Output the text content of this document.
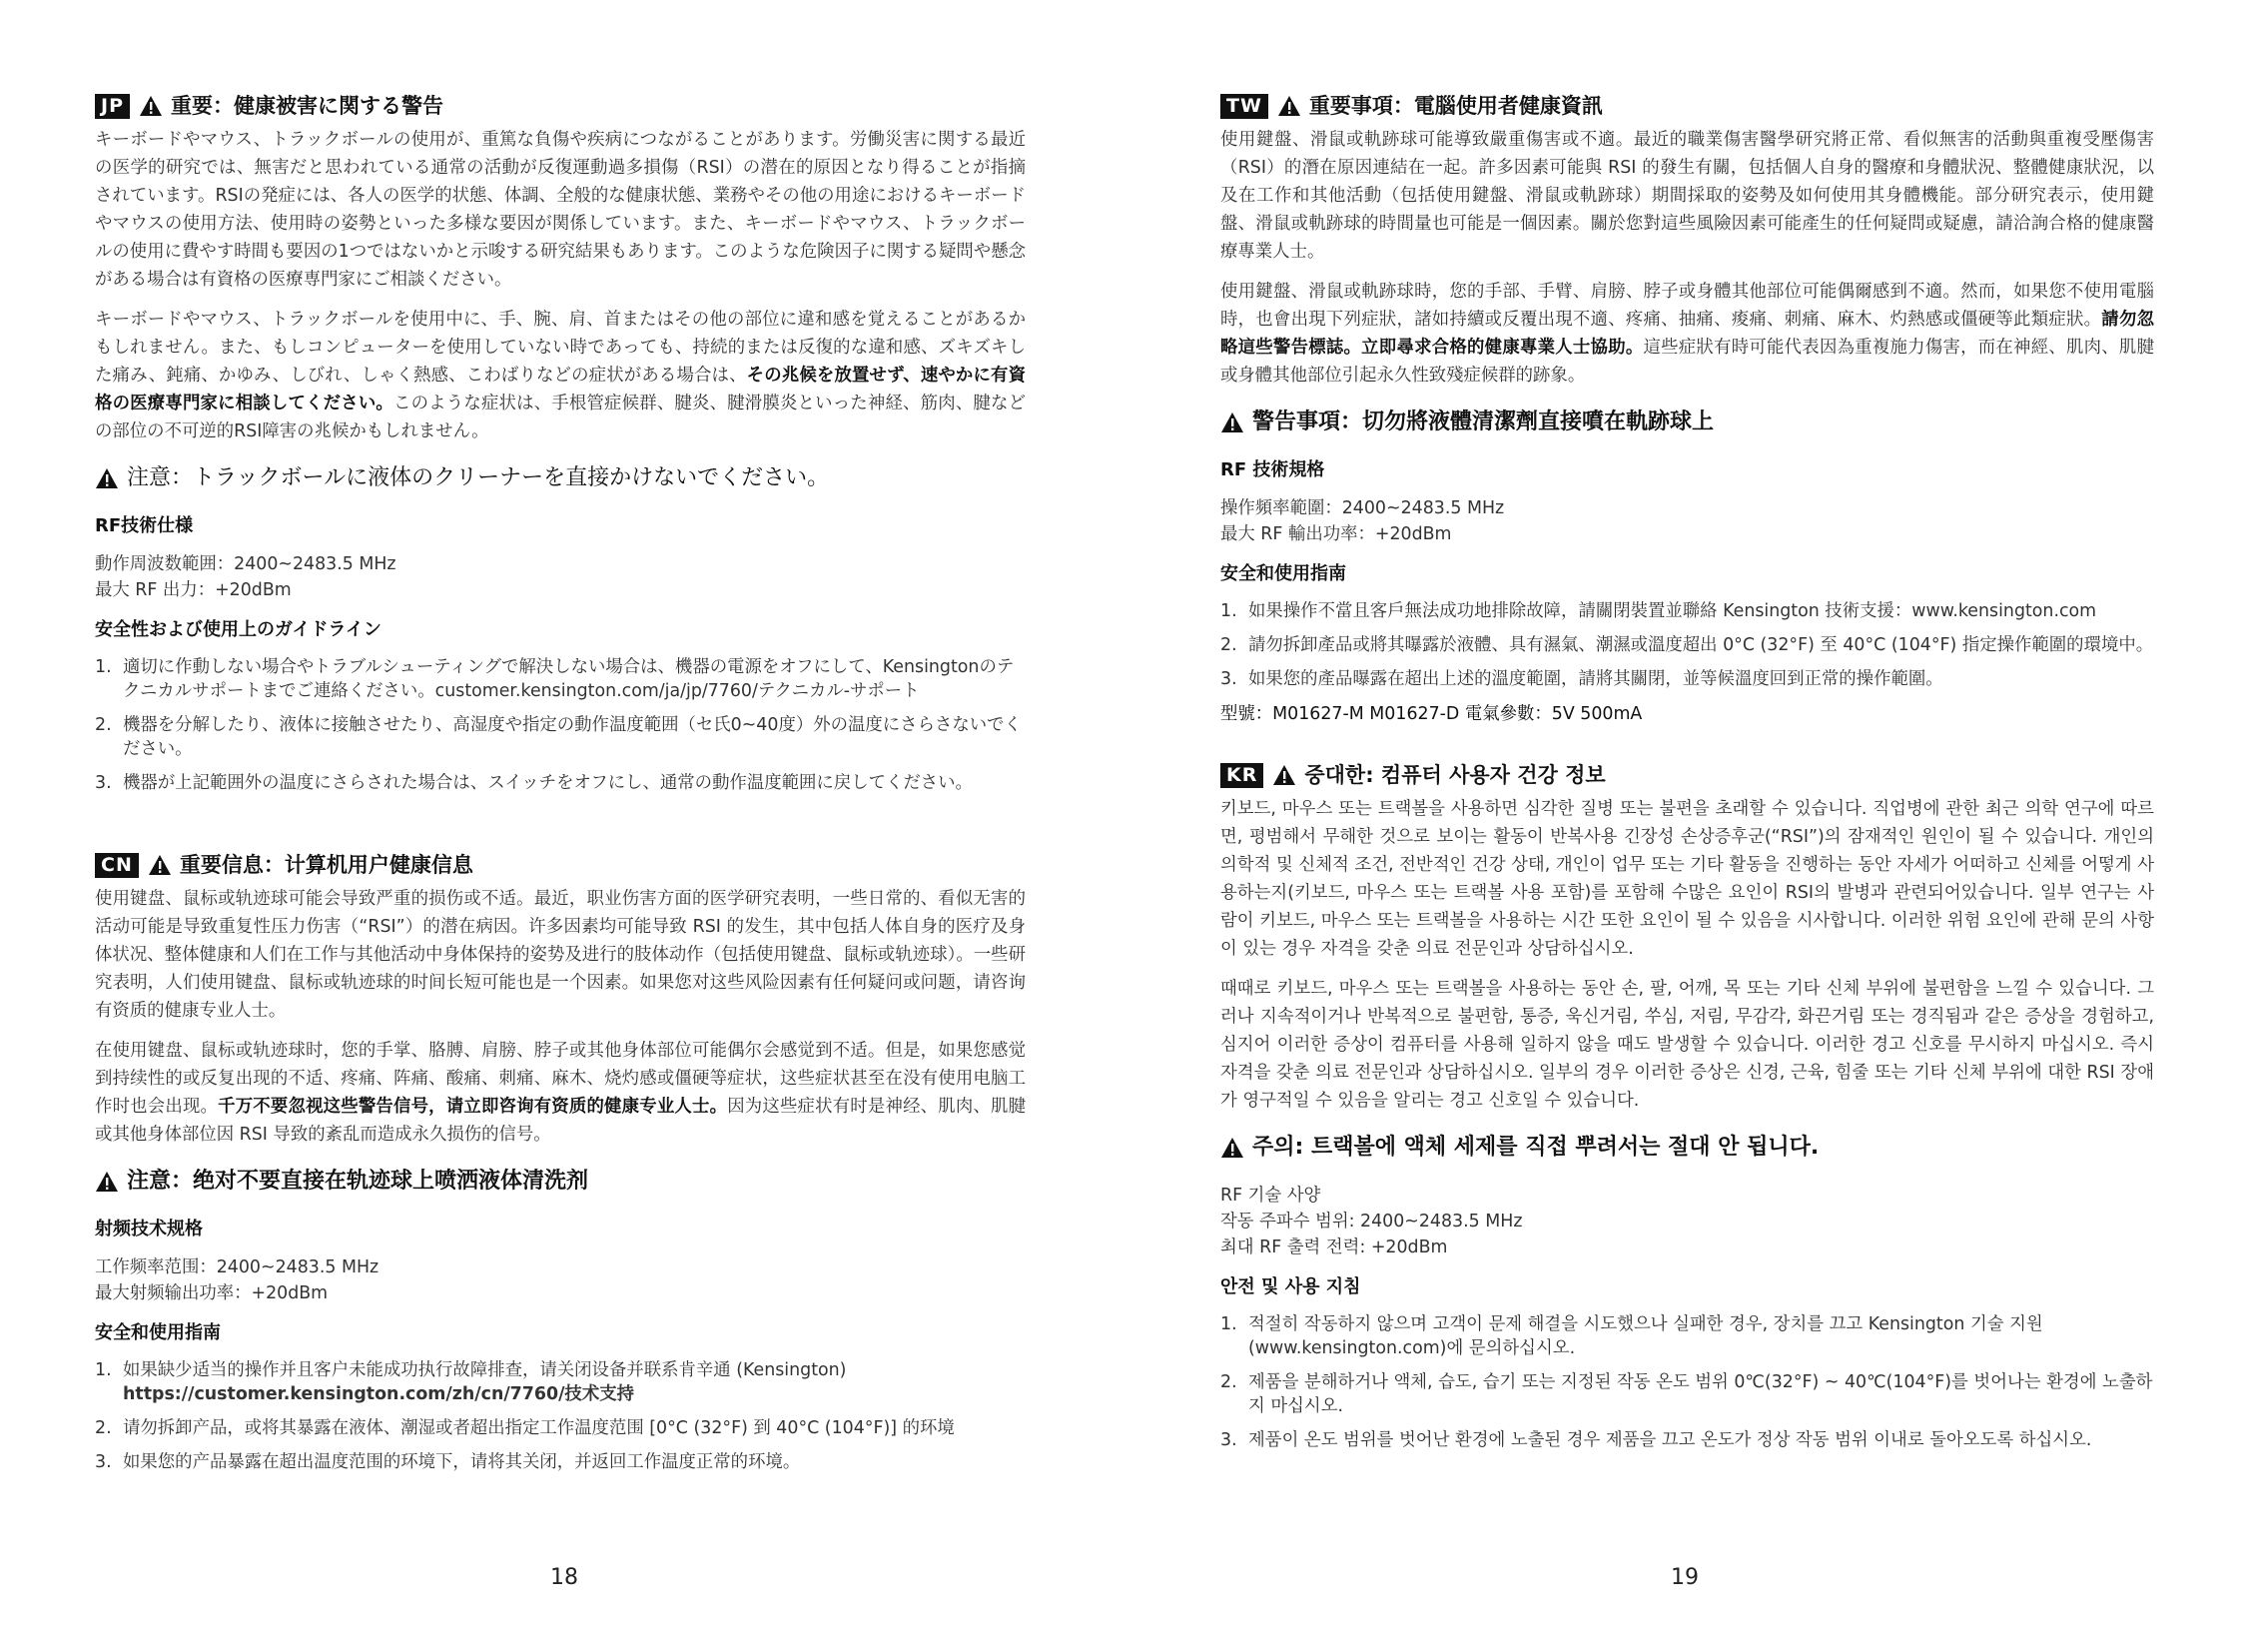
JP 重要：健康被害に関する警告

キーボードやマウス、トラックボールの使用が、重篤な負傷や疾病につながることがあります。労働災害に関する最近の医学的研究では、無害だと思われている通常の活動が反復運動過多損傷（RSI）の潜在的原因となり得ることが指摘されています。RSIの発症には、各人の医学的状態、体調、全般的な健康状態、業務やその他の用途におけるキーボードやマウスの使用方法、使用時の姿勢といった多様な要因が関係しています。また、キーボードやマウス、トラックボールの使用に費やす時間も要因の1つではないかと示唆する研究結果もあります。このような危険因子に関する疑問や懸念がある場合は有資格の医療専門家にご相談ください。

キーボードやマウス、トラックボールを使用中に、手、腕、肩、首またはその他の部位に違和感を覚えることがあるかもしれません。また、もしコンピューターを使用していない時であっても、持続的または反復的な違和感、ズキズキした痛み、鈍痛、かゆみ、しびれ、しゃく熱感、こわばりなどの症状がある場合は、その兆候を放置せず、速やかに有資格の医療専門家に相談してください。このような症状は、手根管症候群、腱炎、腱滑膜炎といった神経、筋肉、腱などの部位の不可逆的RSI障害の兆候かもしれません。

注意：トラックボールに液体のクリーナーを直接かけないでください。
RF技術仕様
動作周波数範囲：2400~2483.5 MHz
最大 RF 出力：+20dBm
安全性および使用上のガイドライン
1. 適切に作動しない場合やトラブルシューティングで解決しない場合は、機器の電源をオフにして、Kensingtonのテクニカルサポートまでご連絡ください。customer.kensington.com/ja/jp/7760/テクニカル-サポート
2. 機器を分解したり、液体に接触させたり、高湿度や指定の動作温度範囲（セ氏0~40度）外の温度にさらさないでください。
3. 機器が上記範囲外の温度にさらされた場合は、スイッチをオフにし、通常の動作温度範囲に戻してください。
CN 重要信息：计算机用户健康信息

使用键盘、鼠标或轨迹球可能会导致严重的损伤或不适。最近，职业伤害方面的医学研究表明，一些日常的、看似无害的活动可能是导致重复性压力伤害（“RSI”）的潜在病因。许多因素均可能导致 RSI 的发生，其中包括人体自身的医疗及身体状况、整体健康和人们在工作与其他活动中身体保持的姿势及进行的肢体动作（包括使用键盘、鼠标或轨迹球）。一些研究表明，人们使用键盘、鼠标或轨迹球的时间长短可能也是一个因素。如果您对这些风险因素有任何疑问或问题，请咨询有资质的健康专业人士。

在使用键盘、鼠标或轨迹球时，您的手掌、胳膊、肩膀、脖子或其他身体部位可能偶尔会感觉到不适。但是，如果您感觉到持续性的或反复出现的不适、疼痛、阵痛、酸痛、刺痛、麻木、烧灼感或僵硬等症状，这些症状甚至在没有使用电脑工作时也会出现。千万不要忽视这些警告信号，请立即咨询有资质的健康专业人士。因为这些症状有时是神经、肌肉、肌腱或其他身体部位因 RSI 导致的紊乱而造成永久损伤的信号。

注意：绝对不要直接在轨迹球上喷洒液体清洗剂
射频技术规格
工作频率范围：2400~2483.5 MHz
最大射频输出功率：+20dBm
安全和使用指南
1. 如果缺少适当的操作并且客户未能成功执行故障排查，请关闭设备并联系肯辛通 (Kensington)
https://customer.kensington.com/zh/cn/7760/技术支持
2. 请勿拆卸产品，或将其暴露在液体、潮湿或者超出指定工作温度范围 [0°C (32°F) 到 40°C (104°F)] 的环境
3. 如果您的产品暴露在超出温度范围的环境下，请将其关闭，并返回工作温度正常的环境。
18
TW 重要事項：電腦使用者健康資訊

使用鍵盤、滑鼠或軌跡球可能導致嚴重傷害或不適。最近的職業傷害醫學研究將正常、看似無害的活動與重複受壓傷害（RSI）的潛在原因連結在一起。許多因素可能與 RSI 的發生有關，包括個人自身的醫療和身體狀況、整體健康狀況，以及在工作和其他活動（包括使用鍵盤、滑鼠或軌跡球）期間採取的姿勢及如何使用其身體機能。部分研究表示，使用鍵盤、滑鼠或軌跡球的時間量也可能是一個因素。關於您對這些風險因素可能產生的任何疑問或疑慮，請洽詢合格的健康醫療專業人士。

使用鍵盤、滑鼠或軌跡球時，您的手部、手臂、肩膀、脖子或身體其他部位可能偶爾感到不適。然而，如果您不使用電腦時，也會出現下列症狀，諸如持續或反覆出現不適、疼痛、抽痛、痠痛、刺痛、麻木、灼熱感或僵硬等此類症狀。請勿忽略這些警告標誌。立即尋求合格的健康專業人士協助。這些症狀有時可能代表因為重複施力傷害，而在神經、肌肉、肌腱或身體其他部位引起永久性致殘症候群的跡象。

警告事項：切勿將液體清潔劑直接噴在軌跡球上
RF 技術規格
操作頻率範圍：2400~2483.5 MHz
最大 RF 輸出功率：+20dBm
安全和使用指南
1. 如果操作不當且客戶無法成功地排除故障，請關閉裝置並聯絡 Kensington 技術支援：www.kensington.com
2. 請勿拆卸產品或將其曝露於液體、具有濕氣、潮濕或溫度超出 0°C (32°F) 至 40°C (104°F) 指定操作範圍的環境中。
3. 如果您的產品曝露在超出上述的溫度範圍，請將其關閉，並等候溫度回到正常的操作範圍。
型號：M01627-M M01627-D 電氣參數：5V 500mA
KR 중대한: 컴퓨터 사용자 건강 정보

키보드, 마우스 또는 트랙볼을 사용하면 심각한 질병 또는 불편을 초래할 수 있습니다. 직업병에 관한 최근 의학 연구에 따르면, 평범해서 무해한 것으로 보이는 활동이 반복사용 긴장성 손상증후군(“RSI”)의 잠재적인 원인이 될 수 있습니다. 개인의 의학적 및 신체적 조건, 전반적인 건강 상태, 개인이 업무 또는 기타 활동을 진행하는 동안 자세가 어떠하고 신체를 어떻게 사용하는지(키보드, 마우스 또는 트랙볼 사용 포함)를 포함해 수많은 요인이 RSI의 발병과 관련되어있습니다. 일부 연구는 사람이 키보드, 마우스 또는 트랙볼을 사용하는 시간 또한 요인이 될 수 있음을 시사합니다. 이러한 위험 요인에 관해 문의 사항이 있는 경우 자격을 갖춘 의료 전문인과 상담하십시오.

때때로 키보드, 마우스 또는 트랙볼을 사용하는 동안 손, 팔, 어깨, 목 또는 기타 신체 부위에 불편함을 느낄 수 있습니다. 그러나 지속적이거나 반복적으로 불편함, 통증, 욱신거림, 쑤심, 저림, 무감각, 화끈거림 또는 경직됨과 같은 증상을 경험하고, 심지어 이러한 증상이 컴퓨터를 사용해 일하지 않을 때도 발생할 수 있습니다. 이러한 경고 신호를 무시하지 마십시오. 즉시 자격을 갖춘 의료 전문인과 상담하십시오. 일부의 경우 이러한 증상은 신경, 근육, 힘줄 또는 기타 신체 부위에 대한 RSI 장애가 영구적일 수 있음을 알리는 경고 신호일 수 있습니다.

주의: 트랙볼에 액체 세제를 직접 뿌려서는 절대 안 됩니다.
RF 기술 사양
작동 주파수 범위: 2400~2483.5 MHz
최대 RF 출력 전력: +20dBm
안전 및 사용 지침
1. 적절히 작동하지 않으며 고객이 문제 해결을 시도했으나 실패한 경우, 장치를 끄고 Kensington 기술 지원(www.kensington.com)에 문의하십시오.
2. 제품을 분해하거나 액체, 습도, 습기 또는 지정된 작동 온도 범위 0℃(32°F) ~ 40℃(104°F)를 벗어나는 환경에 노출하지 마십시오.
3. 제품이 온도 범위를 벗어난 환경에 노출된 경우 제품을 끄고 온도가 정상 작동 범위 이내로 돌아오도록 하십시오.
19
